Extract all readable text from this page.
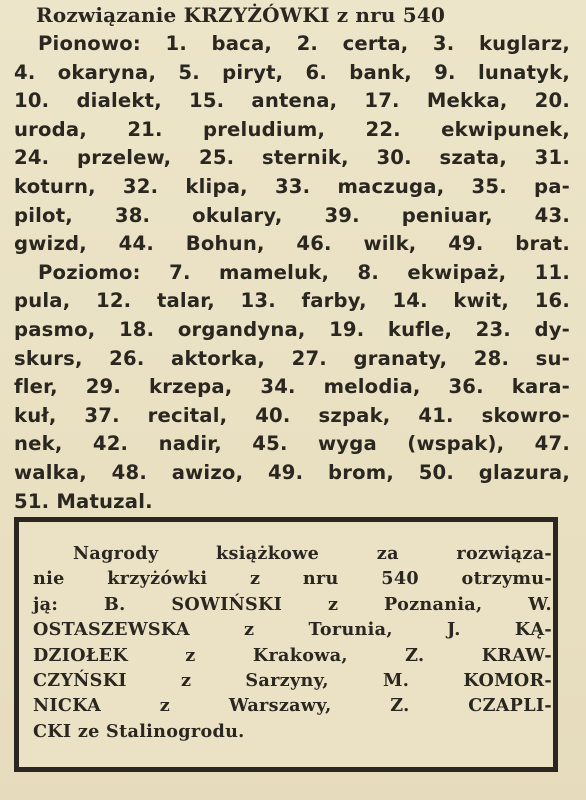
Rozwiązanie KRZYŻÓWKI z nru 540
Pionowo: 1. baca, 2. certa, 3. kuglarz,
4. okaryna, 5. piryt, 6. bank, 9. lunatyk,
10. dialekt, 15. antena, 17. Mekka, 20.
uroda, 21. preludium, 22. ekwipunek,
24. przelew, 25. sternik, 30. szata, 31.
koturn, 32. klipa, 33. maczuga, 35. pa-
pilot, 38. okulary, 39. peniuar, 43.
gwizd, 44. Bohun, 46. wilk, 49. brat.
Poziomo: 7. mameluk, 8. ekwipaż, 11.
pula, 12. talar, 13. farby, 14. kwit, 16.
pasmo, 18. organdyna, 19. kufle, 23. dy-
skurs, 26. aktorka, 27. granaty, 28. su-
fler, 29. krzepa, 34. melodia, 36. kara-
kuł, 37. recital, 40. szpak, 41. skowro-
nek, 42. nadir, 45. wyga (wspak), 47.
walka, 48. awizo, 49. brom, 50. glazura,
51. Matuzal.
Nagrody książkowe za rozwiąza-
nie krzyżówki z nru 540 otrzymu-
ją: B. SOWIŃSKI z Poznania, W.
OSTASZEWSKA z Torunia, J. KĄ-
DZIOŁEK z Krakowa, Z. KRAW-
CZYŃSKI z Sarzyny, M. KOMOR-
NICKA z Warszawy, Z. CZAPLI-
CKI ze Stalinogrodu.
